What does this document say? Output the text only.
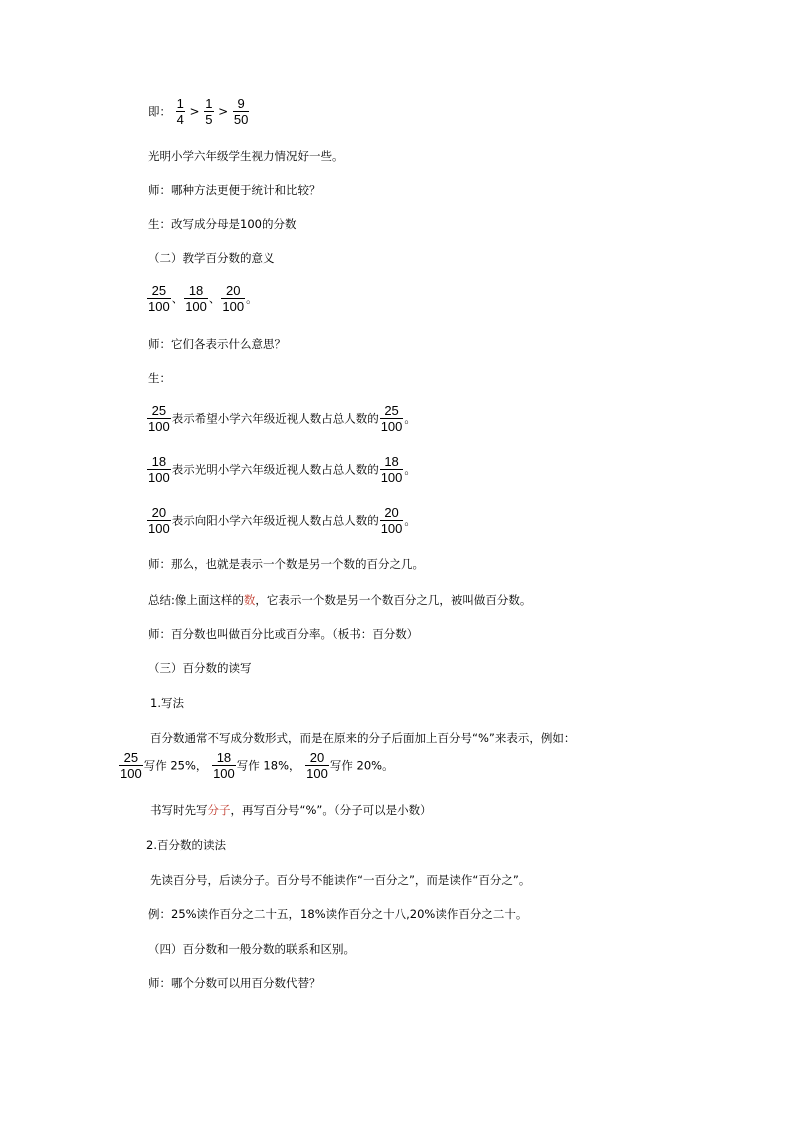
即： $\frac{1}{4} > \frac{1}{5} > \frac{9}{50}$
光明小学六年级学生视力情况好一些。
师：哪种方法更便于统计和比较？
生：改写成分母是100的分数
（二）教学百分数的意义
$\frac{25}{100}$ 、 $\frac{18}{100}$ 、 $\frac{20}{100}$ 。
师：它们各表示什么意思？
生：
$\frac{25}{100}$ 表示希望小学六年级近视人数占总人数的 $\frac{25}{100}$ 。
$\frac{18}{100}$ 表示光明小学六年级近视人数占总人数的 $\frac{18}{100}$ 。
$\frac{20}{100}$ 表示向阳小学六年级近视人数占总人数的 $\frac{20}{100}$ 。
师：那么，也就是表示一个数是另一个数的百分之几。
总结:像上面这样的数，它表示一个数是另一个数百分之几，被叫做百分数。
师：百分数也叫做百分比或百分率。（板书：百分数）
（三）百分数的读写
1.写法
百分数通常不写成分数形式，而是在原来的分子后面加上百分号“%”来表示，例如：
$\frac{25}{100}$ 写作 25%， $\frac{18}{100}$ 写作 18%， $\frac{20}{100}$ 写作 20%。
书写时先写分子，再写百分号“%”。（分子可以是小数）
2.百分数的读法
先读百分号，后读分子。百分号不能读作“一百分之”，而是读作“百分之”。
例：25%读作百分之二十五，18%读作百分之十八,20%读作百分之二十。
（四）百分数和一般分数的联系和区别。
师：哪个分数可以用百分数代替？
